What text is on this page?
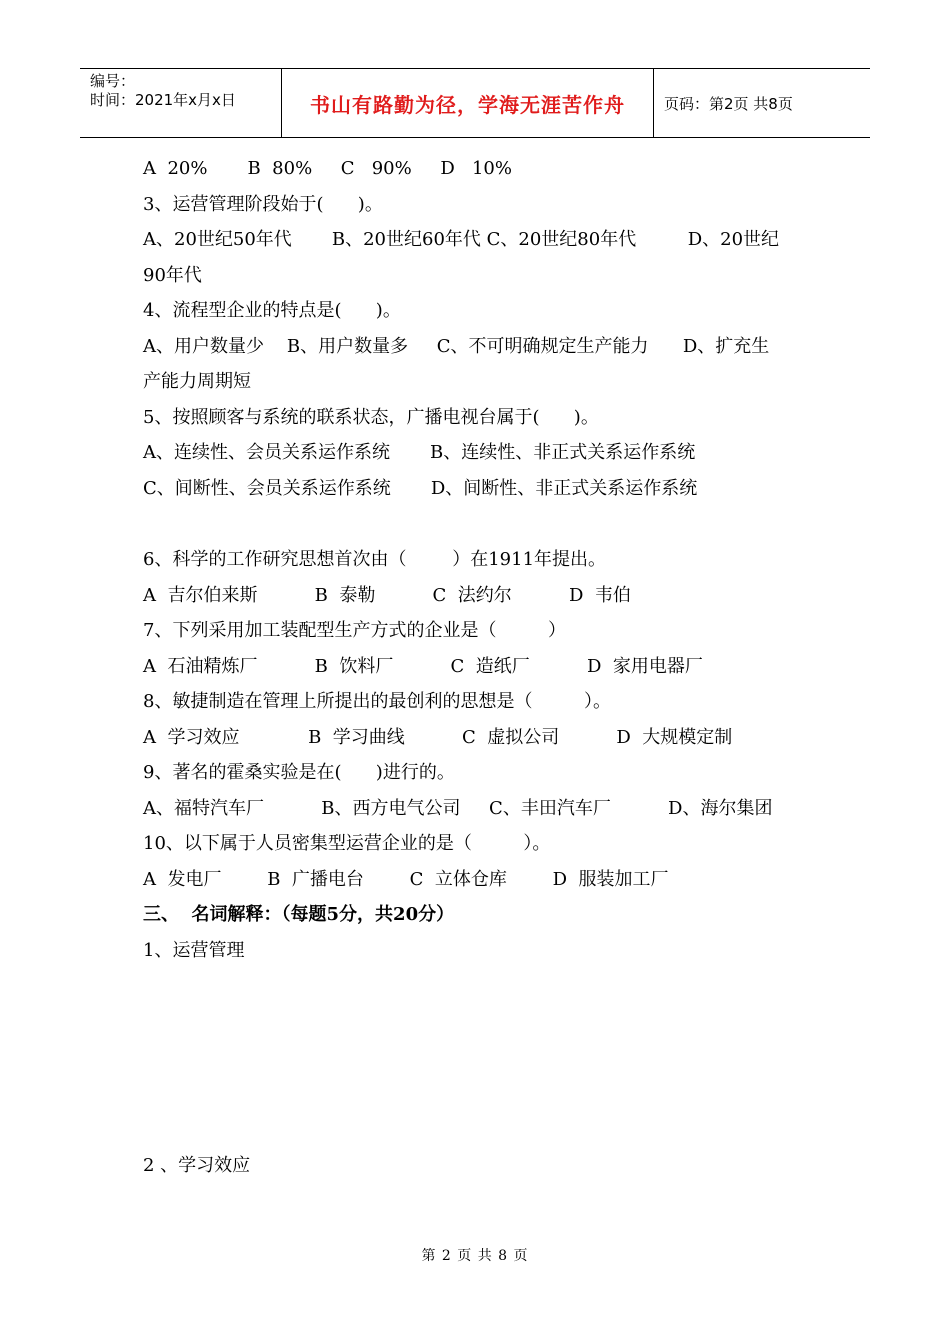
编号：
时间：2021年x月x日	书山有路勤为径，学海无涯苦作舟	页码：第2页 共8页
A  20%       B  80%     C   90%     D   10%
3、运营管理阶段始于(      )。
A、20世纪50年代       B、20世纪60年代 C、20世纪80年代         D、20世纪
90年代
4、流程型企业的特点是(      )。
A、用户数量少    B、用户数量多     C、不可明确规定生产能力      D、扩充生
产能力周期短
5、按照顾客与系统的联系状态，广播电视台属于(      )。
A、连续性、会员关系运作系统       B、连续性、非正式关系运作系统
C、间断性、会员关系运作系统       D、间断性、非正式关系运作系统
6、科学的工作研究思想首次由（        ）在1911年提出。
A  吉尔伯来斯          B  泰勒          C  法约尔          D  韦伯
7、下列采用加工装配型生产方式的企业是（         ）
A  石油精炼厂          B  饮料厂          C  造纸厂          D  家用电器厂
8、敏捷制造在管理上所提出的最创利的思想是（         ）。
A  学习效应            B  学习曲线          C  虚拟公司          D  大规模定制
9、著名的霍桑实验是在(      )进行的。
A、福特汽车厂          B、西方电气公司     C、丰田汽车厂          D、海尔集团
10、以下属于人员密集型运营企业的是（         ）。
A  发电厂        B  广播电台        C  立体仓库        D  服装加工厂
三、  名词解释：（每题5分，共20分）
1、运营管理
2 、学习效应
第 2 页 共 8 页
